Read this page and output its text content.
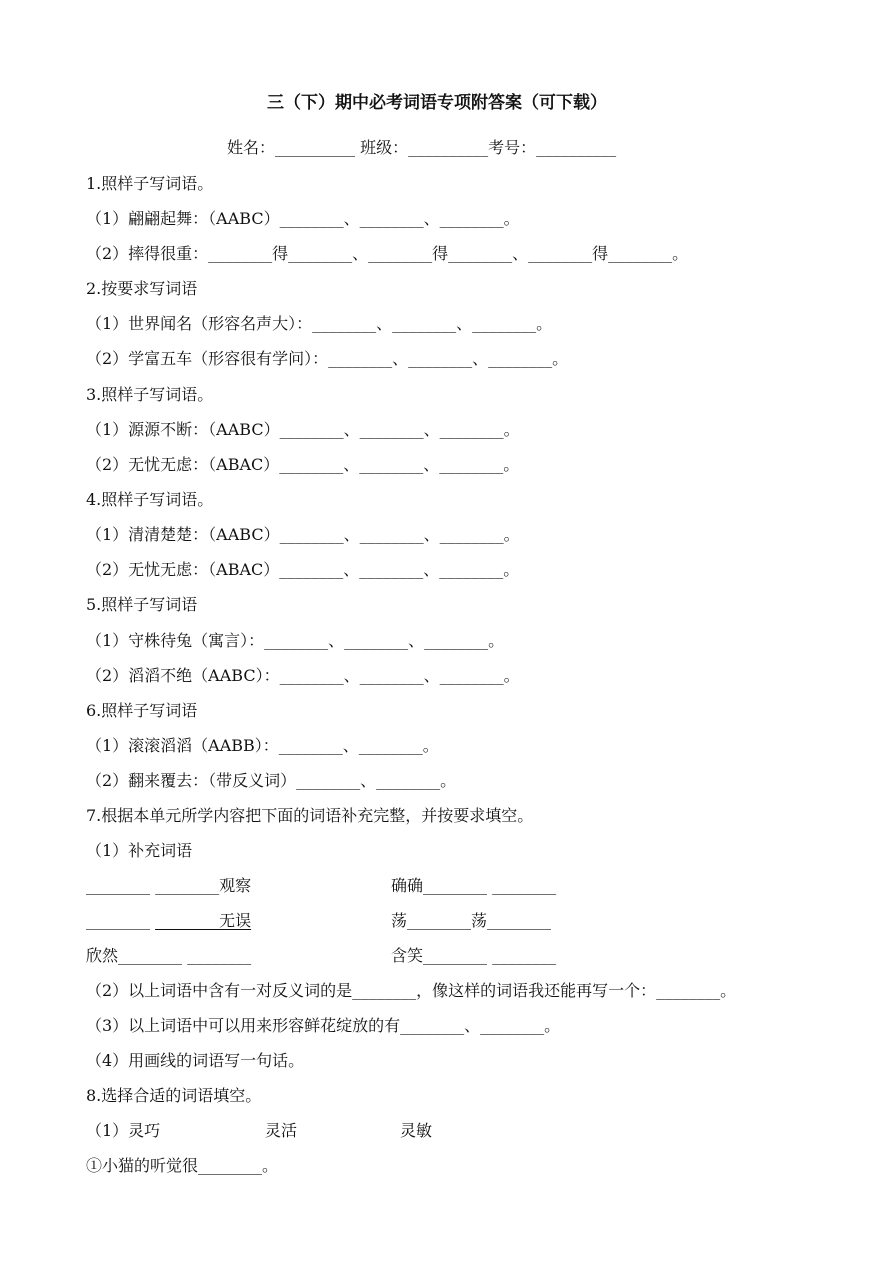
三（下）期中必考词语专项附答案（可下载）
姓名：__________ 班级：__________考号：__________
1.照样子写词语。
（1）翩翩起舞：（AABC）________、________、________。
（2）摔得很重：________得________、________得________、________得________。
2.按要求写词语
（1）世界闻名（形容名声大）：________、________、________。
（2）学富五车（形容很有学问）：________、________、________。
3.照样子写词语。
（1）源源不断：（AABC）________、________、________。
（2）无忧无虑：（ABAC）________、________、________。
4.照样子写词语。
（1）清清楚楚：（AABC）________、________、________。
（2）无忧无虑：（ABAC）________、________、________。
5.照样子写词语
（1）守株待兔（寓言）：________、________、________。
（2）滔滔不绝（AABC）：________、________、________。
6.照样子写词语
（1）滚滚滔滔（AABB）：________、________。
（2）翻来覆去：（带反义词）________、________。
7.根据本单元所学内容把下面的词语补充完整，并按要求填空。
（1）补充词语
________ ________观察	确确________ ________
________ ________无误	荡________荡________
欣然________ ________	含笑________ ________
（2）以上词语中含有一对反义词的是________，像这样的词语我还能再写一个：________。
（3）以上词语中可以用来形容鲜花绽放的有________、________。
（4）用画线的词语写一句话。
8.选择合适的词语填空。
（1）灵巧	灵活	灵敏
①小猫的听觉很________。
